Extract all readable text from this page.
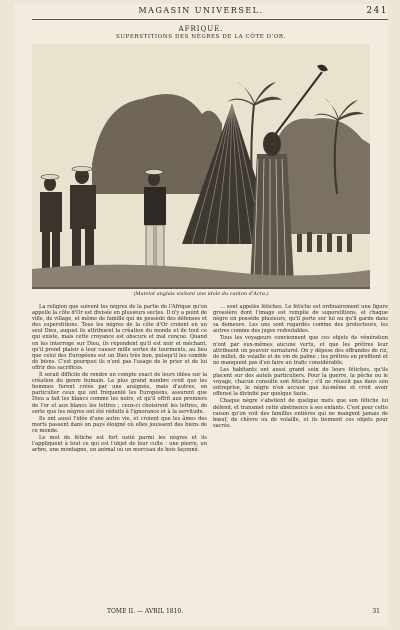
MAGASIN UNIVERSEL.	241
AFRIQUE.
SUPERSTITIONS DES NÈGRES DE LA CÔTE D'OR.
(Matelot anglais visitant une idole du canton d'Acra.)

La religion que suivent les nègres de la partie de l'Afrique qu'on appelle la côte d'Or est divisée en plusieurs sectes. Il n'y a point de ville, de village, et même de famille qui ne possède des défenses et des superstitions. Tous les nègres de la côte d'Or croient en un seul Dieu, auquel ils attribuent la création du monde et de tout ce qui existe, mais cette croyance est obscure et mal conçue. Quand on les interroge sur Dieu, ils répondent qu'il est noir et méchant, qu'il prend plaisir à leur causer mille sortes de tourments, au lieu que celui des Européens est un Dieu très bon, puisqu'il les comble de biens. C'est pourquoi ils n'ont pas l'usage de le prier et de lui offrir des sacrifices.

Il serait difficile de rendre un compte exact de leurs idées sur la création du genre humain. Le plus grand nombre croit que les hommes furent créés par une araignée, mais d'autres, en particulier ceux qui ont fréquenté les Européens, assurent que Dieu a fait les blancs comme les noirs, et qu'il offrit aux premiers de l'or et aux blancs les lettres ; ceux-ci choisirent les lettres, de sorte que les nègres ont été réduits à l'ignorance et à la servitude.

Ils ont aussi l'idée d'une autre vie, et croient que les âmes des morts passent dans un pays éloigné où elles jouissent des biens de ce monde.

Le mot de fétiche est fort usité parmi les nègres et ils l'appliquent à tout ce qui est l'objet de leur culte : une pierre, un arbre, une montagne, un animal ou un morceau de bois façonné.

... sont appelés fétiches. Le fétiche est ordinairement une figure grossière dont l'image est remplie de superstitions, et chaque nègre en possède plusieurs, qu'il porte sur lui ou qu'il garde dans sa demeure. Les uns sont regardés comme des protecteurs, les autres comme des juges redoutables.

Tous les voyageurs conviennent que ces objets de vénération n'ont par eux-mêmes aucune vertu, et que les prêtres leur attribuent un pouvoir surnaturel. On y dépose des offrandes de riz, de millet, de volaille et de vin de palme ; les prêtres en profitent et ne manquent pas d'en faire un trafic considérable.

Les habitants ont aussi grand soin de leurs fétiches, qu'ils placent sur des autels particuliers. Pour la guerre, la pêche ou le voyage, chacun consulte son fétiche ; s'il ne réussit pas dans son entreprise, le nègre n'en accuse que lui-même et croit avoir offensé la divinité par quelque faute.

Chaque nègre s'abstient de quelque mets que son fétiche lui défend, et transmet cette abstinence à ses enfants. C'est pour cette raison qu'on voit des familles entières qui ne mangent jamais de bœuf, de chèvre ou de volaille, et ils tiennent ces objets pour sacrés.

TOME II. — AVRIL 1810.	31
